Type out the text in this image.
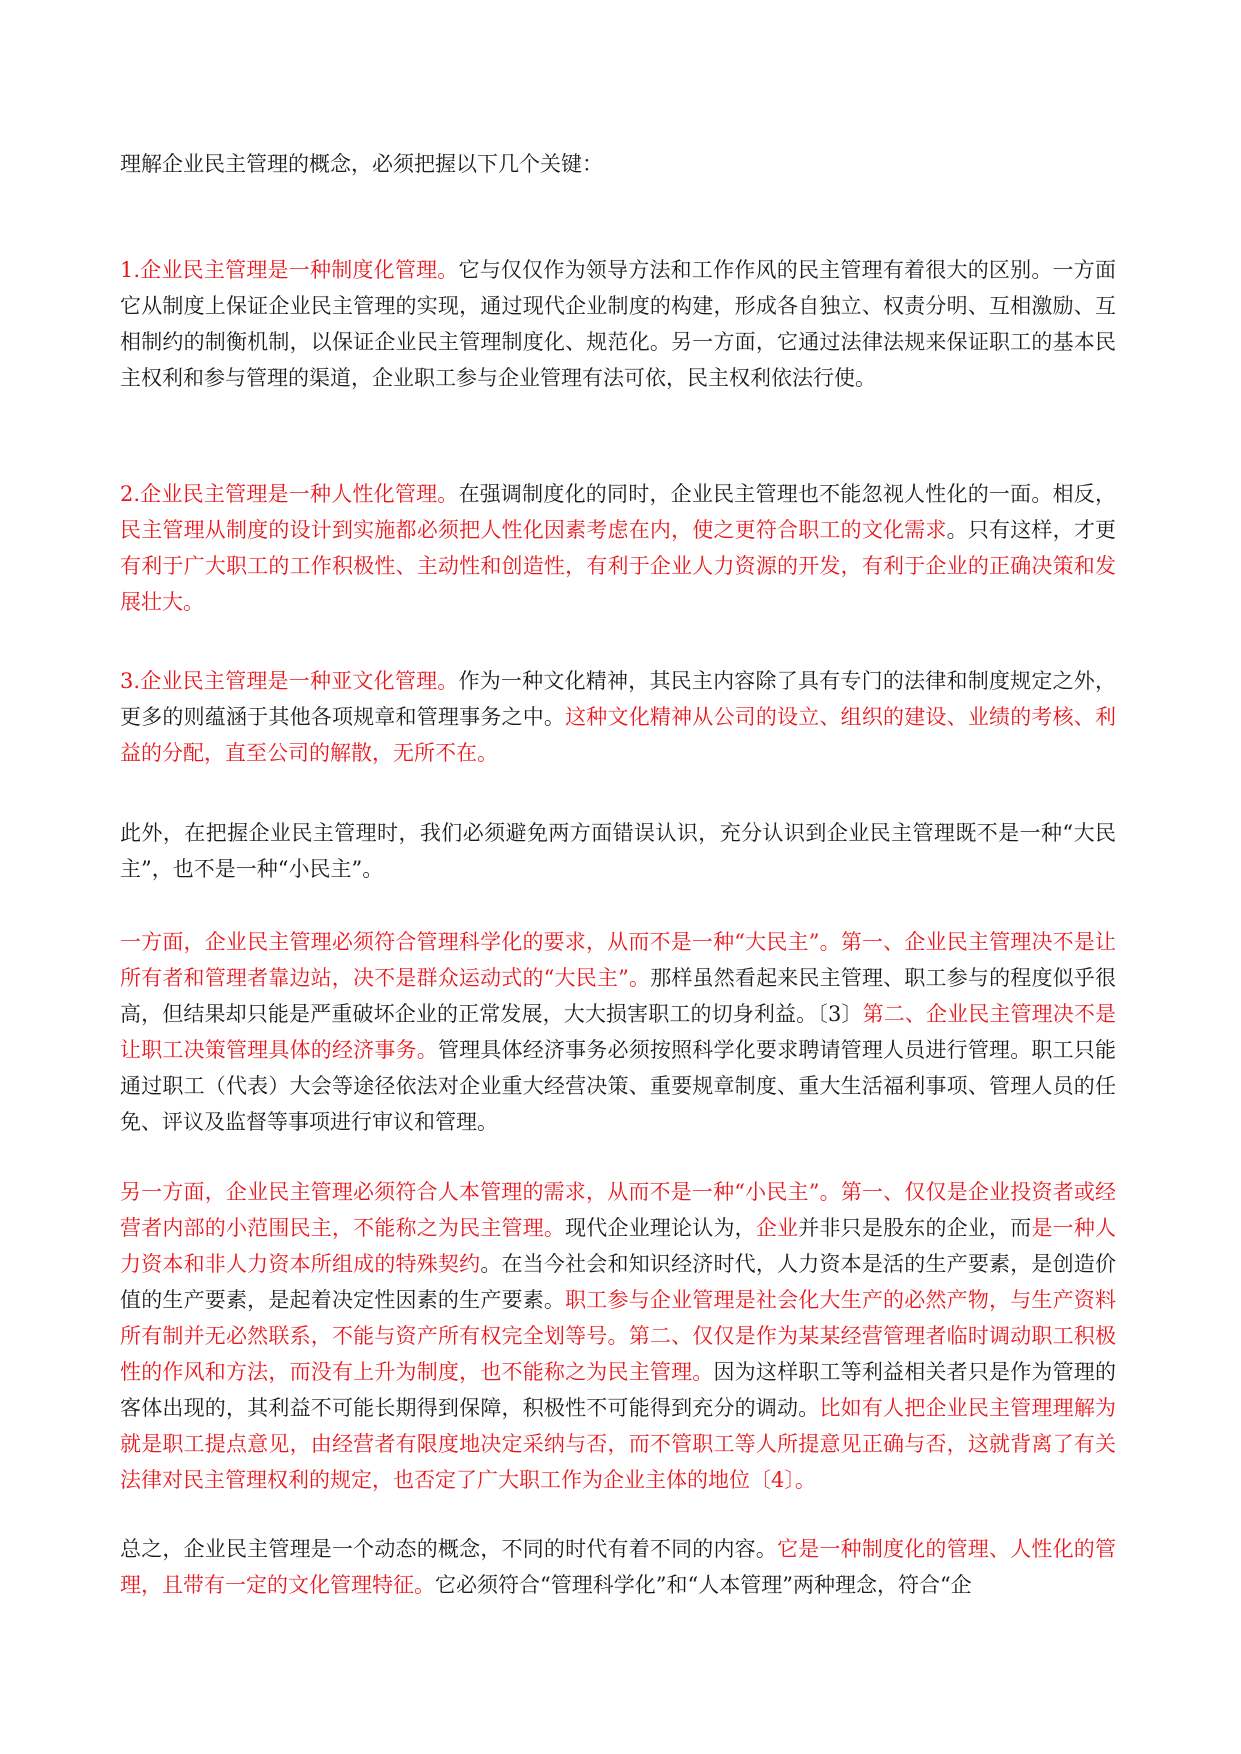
理解企业民主管理的概念，必须把握以下几个关键：

1.企业民主管理是一种制度化管理。它与仅仅作为领导方法和工作作风的民主管理有着很大的区别。一方面它从制度上保证企业民主管理的实现，通过现代企业制度的构建，形成各自独立、权责分明、互相激励、互相制约的制衡机制，以保证企业民主管理制度化、规范化。另一方面，它通过法律法规来保证职工的基本民主权利和参与管理的渠道，企业职工参与企业管理有法可依，民主权利依法行使。

2.企业民主管理是一种人性化管理。在强调制度化的同时，企业民主管理也不能忽视人性化的一面。相反，民主管理从制度的设计到实施都必须把人性化因素考虑在内，使之更符合职工的文化需求。只有这样，才更有利于广大职工的工作积极性、主动性和创造性，有利于企业人力资源的开发，有利于企业的正确决策和发展壮大。

3.企业民主管理是一种亚文化管理。作为一种文化精神，其民主内容除了具有专门的法律和制度规定之外，更多的则蕴涵于其他各项规章和管理事务之中。这种文化精神从公司的设立、组织的建设、业绩的考核、利益的分配，直至公司的解散，无所不在。

此外，在把握企业民主管理时，我们必须避免两方面错误认识，充分认识到企业民主管理既不是一种“大民主”，也不是一种“小民主”。

一方面，企业民主管理必须符合管理科学化的要求，从而不是一种“大民主”。第一、企业民主管理决不是让所有者和管理者靠边站，决不是群众运动式的“大民主”。那样虽然看起来民主管理、职工参与的程度似乎很高，但结果却只能是严重破坏企业的正常发展，大大损害职工的切身利益。〔3〕第二、企业民主管理决不是让职工决策管理具体的经济事务。管理具体经济事务必须按照科学化要求聘请管理人员进行管理。职工只能通过职工（代表）大会等途径依法对企业重大经营决策、重要规章制度、重大生活福利事项、管理人员的任免、评议及监督等事项进行审议和管理。

另一方面，企业民主管理必须符合人本管理的需求，从而不是一种“小民主”。第一、仅仅是企业投资者或经营者内部的小范围民主，不能称之为民主管理。现代企业理论认为，企业并非只是股东的企业，而是一种人力资本和非人力资本所组成的特殊契约。在当今社会和知识经济时代，人力资本是活的生产要素，是创造价值的生产要素，是起着决定性因素的生产要素。职工参与企业管理是社会化大生产的必然产物，与生产资料所有制并无必然联系，不能与资产所有权完全划等号。第二、仅仅是作为某某经营管理者临时调动职工积极性的作风和方法，而没有上升为制度，也不能称之为民主管理。因为这样职工等利益相关者只是作为管理的客体出现的，其利益不可能长期得到保障，积极性不可能得到充分的调动。比如有人把企业民主管理理解为就是职工提点意见，由经营者有限度地决定采纳与否，而不管职工等人所提意见正确与否，这就背离了有关法律对民主管理权利的规定，也否定了广大职工作为企业主体的地位〔4〕。

总之，企业民主管理是一个动态的概念，不同的时代有着不同的内容。它是一种制度化的管理、人性化的管理，且带有一定的文化管理特征。它必须符合“管理科学化”和“人本管理”两种理念，符合“企
